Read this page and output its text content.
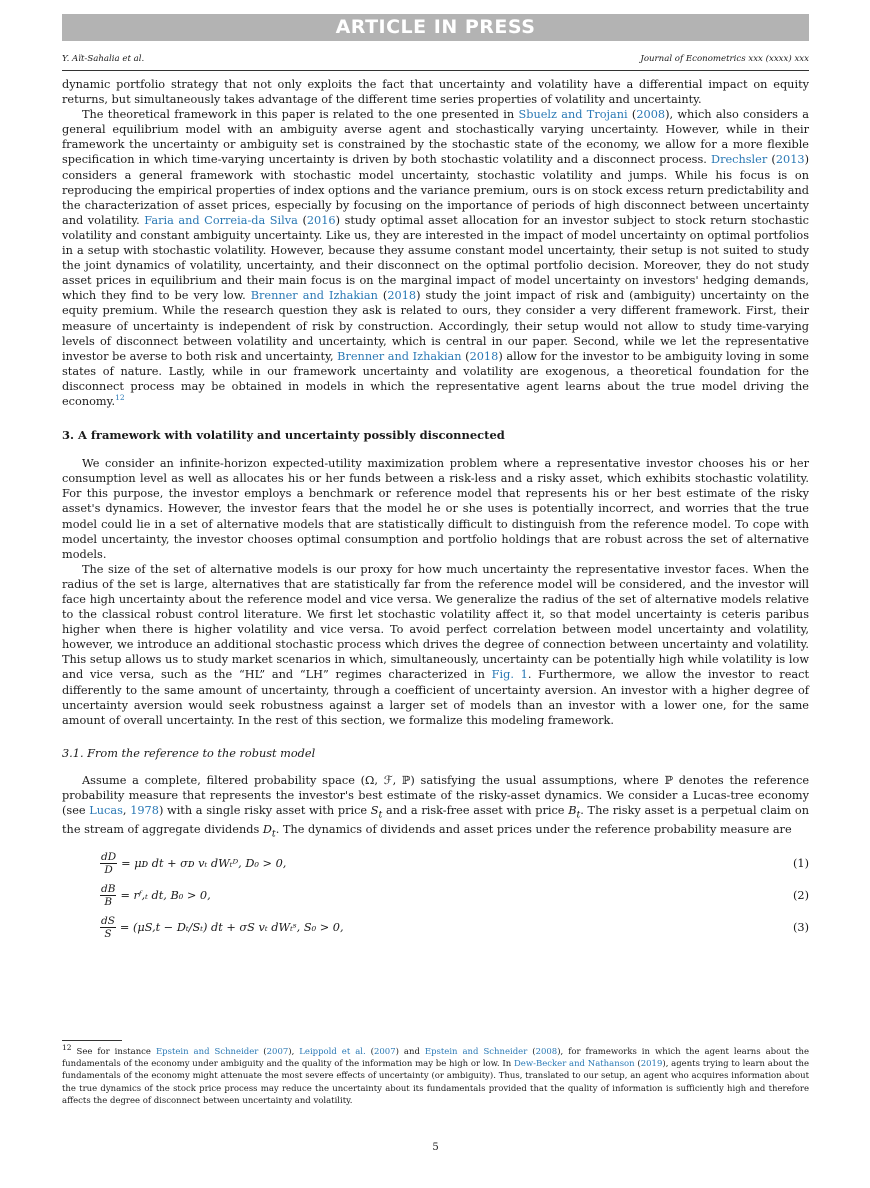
ARTICLE IN PRESS
Y. Aït-Sahalia et al.	Journal of Econometrics xxx (xxxx) xxx

dynamic portfolio strategy that not only exploits the fact that uncertainty and volatility have a differential impact on equity returns, but simultaneously takes advantage of the different time series properties of volatility and uncertainty.

The theoretical framework in this paper is related to the one presented in Sbuelz and Trojani (2008), which also considers a general equilibrium model with an ambiguity averse agent and stochastically varying uncertainty. However, while in their framework the uncertainty or ambiguity set is constrained by the stochastic state of the economy, we allow for a more flexible specification in which time-varying uncertainty is driven by both stochastic volatility and a disconnect process. Drechsler (2013) considers a general framework with stochastic model uncertainty, stochastic volatility and jumps. While his focus is on reproducing the empirical properties of index options and the variance premium, ours is on stock excess return predictability and the characterization of asset prices, especially by focusing on the importance of periods of high disconnect between uncertainty and volatility. Faria and Correia-da Silva (2016) study optimal asset allocation for an investor subject to stock return stochastic volatility and constant ambiguity uncertainty. Like us, they are interested in the impact of model uncertainty on optimal portfolios in a setup with stochastic volatility. However, because they assume constant model uncertainty, their setup is not suited to study the joint dynamics of volatility, uncertainty, and their disconnect on the optimal portfolio decision. Moreover, they do not study asset prices in equilibrium and their main focus is on the marginal impact of model uncertainty on investors' hedging demands, which they find to be very low. Brenner and Izhakian (2018) study the joint impact of risk and (ambiguity) uncertainty on the equity premium. While the research question they ask is related to ours, they consider a very different framework. First, their measure of uncertainty is independent of risk by construction. Accordingly, their setup would not allow to study time-varying levels of disconnect between volatility and uncertainty, which is central in our paper. Second, while we let the representative investor be averse to both risk and uncertainty, Brenner and Izhakian (2018) allow for the investor to be ambiguity loving in some states of nature. Lastly, while in our framework uncertainty and volatility are exogenous, a theoretical foundation for the disconnect process may be obtained in models in which the representative agent learns about the true model driving the economy.$^{12}$

3. A framework with volatility and uncertainty possibly disconnected

We consider an infinite-horizon expected-utility maximization problem where a representative investor chooses his or her consumption level as well as allocates his or her funds between a risk-less and a risky asset, which exhibits stochastic volatility. For this purpose, the investor employs a benchmark or reference model that represents his or her best estimate of the risky asset's dynamics. However, the investor fears that the model he or she uses is potentially incorrect, and worries that the true model could lie in a set of alternative models that are statistically difficult to distinguish from the reference model. To cope with model uncertainty, the investor chooses optimal consumption and portfolio holdings that are robust across the set of alternative models.

The size of the set of alternative models is our proxy for how much uncertainty the representative investor faces. When the radius of the set is large, alternatives that are statistically far from the reference model will be considered, and the investor will face high uncertainty about the reference model and vice versa. We generalize the radius of the set of alternative models relative to the classical robust control literature. We first let stochastic volatility affect it, so that model uncertainty is ceteris paribus higher when there is higher volatility and vice versa. To avoid perfect correlation between model uncertainty and volatility, however, we introduce an additional stochastic process which drives the degree of connection between uncertainty and volatility. This setup allows us to study market scenarios in which, simultaneously, uncertainty can be potentially high while volatility is low and vice versa, such as the “HL” and “LH” regimes characterized in Fig. 1. Furthermore, we allow the investor to react differently to the same amount of uncertainty, through a coefficient of uncertainty aversion. An investor with a higher degree of uncertainty aversion would seek robustness against a larger set of models than an investor with a lower one, for the same amount of overall uncertainty. In the rest of this section, we formalize this modeling framework.

3.1. From the reference to the robust model

Assume a complete, filtered probability space (Ω, ℱ, ℙ) satisfying the usual assumptions, where ℙ denotes the reference probability measure that represents the investor's best estimate of the risky-asset dynamics. We consider a Lucas-tree economy (see Lucas, 1978) with a single risky asset with price $S_t$ and a risk-free asset with price $B_t$. The risky asset is a perpetual claim on the stream of aggregate dividends $D_t$. The dynamics of dividends and asset prices under the reference probability measure are

$\frac{dD}{D}$ = μᴅ dt + σᴅ vₜ dWₜᴰ, D₀ > 0,	(1)
$\frac{dB}{B}$ = rᶠ,ₜ dt, B₀ > 0,	(2)
$\frac{dS}{S} = (\mu S,t - D_t/S_t)$ dt + σS vₜ dWₜˢ, S₀ > 0,	(3)
$^{12}$ See for instance Epstein and Schneider (2007), Leippold et al. (2007) and Epstein and Schneider (2008), for frameworks in which the agent learns about the fundamentals of the economy under ambiguity and the quality of the information may be high or low. In Dew-Becker and Nathanson (2019), agents trying to learn about the fundamentals of the economy might attenuate the most severe effects of uncertainty (or ambiguity). Thus, translated to our setup, an agent who acquires information about the true dynamics of the stock price process may reduce the uncertainty about its fundamentals provided that the quality of information is sufficiently high and therefore affects the degree of disconnect between uncertainty and volatility.
5
